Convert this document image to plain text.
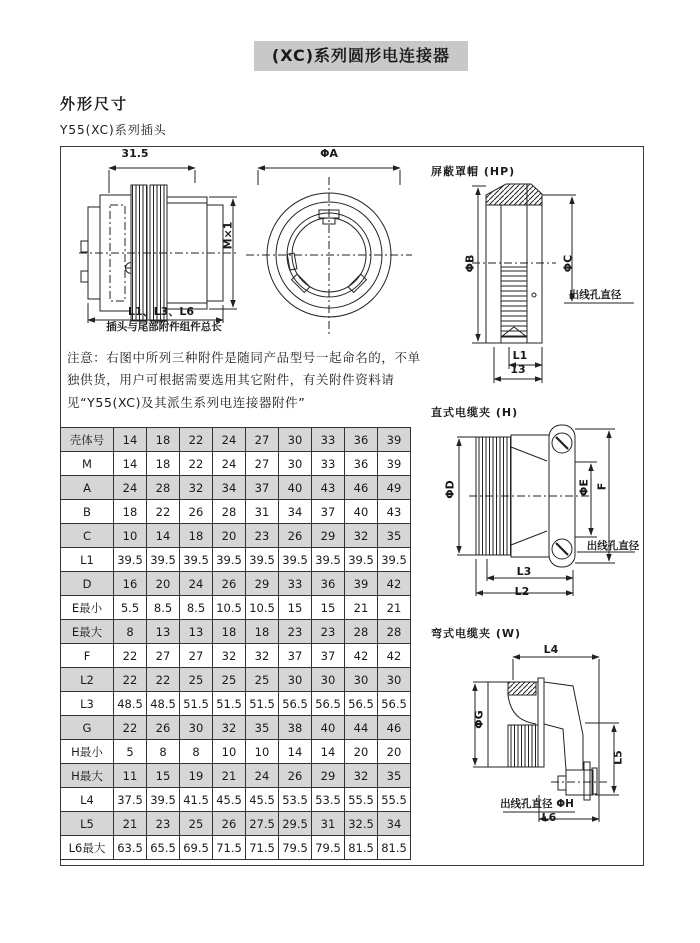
(XC)系列圆形电连接器
外形尺寸
Y55(XC)系列插头
31.5
M×1
L1、L3、L6
插头与尾部附件组件总长
ΦA
注意：右图中所列三种附件是随同产品型号一起命名的，不单独供货，用户可根据需要选用其它附件，有关附件资料请见“Y55(XC)及其派生系列电连接器附件”
壳体号	14	18	22	24	27	30	33	36	39
M	14	18	22	24	27	30	33	36	39
A	24	28	32	34	37	40	43	46	49
B	18	22	26	28	31	34	37	40	43
C	10	14	18	20	23	26	29	32	35
L1	39.5	39.5	39.5	39.5	39.5	39.5	39.5	39.5	39.5
D	16	20	24	26	29	33	36	39	42
E最小	5.5	8.5	8.5	10.5	10.5	15	15	21	21
E最大	8	13	13	18	18	23	23	28	28
F	22	27	27	32	32	37	37	42	42
L2	22	22	25	25	25	30	30	30	30
L3	48.5	48.5	51.5	51.5	51.5	56.5	56.5	56.5	56.5
G	22	26	30	32	35	38	40	44	46
H最小	5	8	8	10	10	14	14	20	20
H最大	11	15	19	21	24	26	29	32	35
L4	37.5	39.5	41.5	45.5	45.5	53.5	53.5	55.5	55.5
L5	21	23	25	26	27.5	29.5	31	32.5	34
L6最大	63.5	65.5	69.5	71.5	71.5	79.5	79.5	81.5	81.5
屏蔽罩帽 (HP)
ΦB	ΦC
出线孔直径
L1
13
直式电缆夹 (H)
ΦD	ΦE F
出线孔直径
L3
L2
弯式电缆夹 (W)
L4
ΦG
L5
出线孔直径 ΦH
L6
